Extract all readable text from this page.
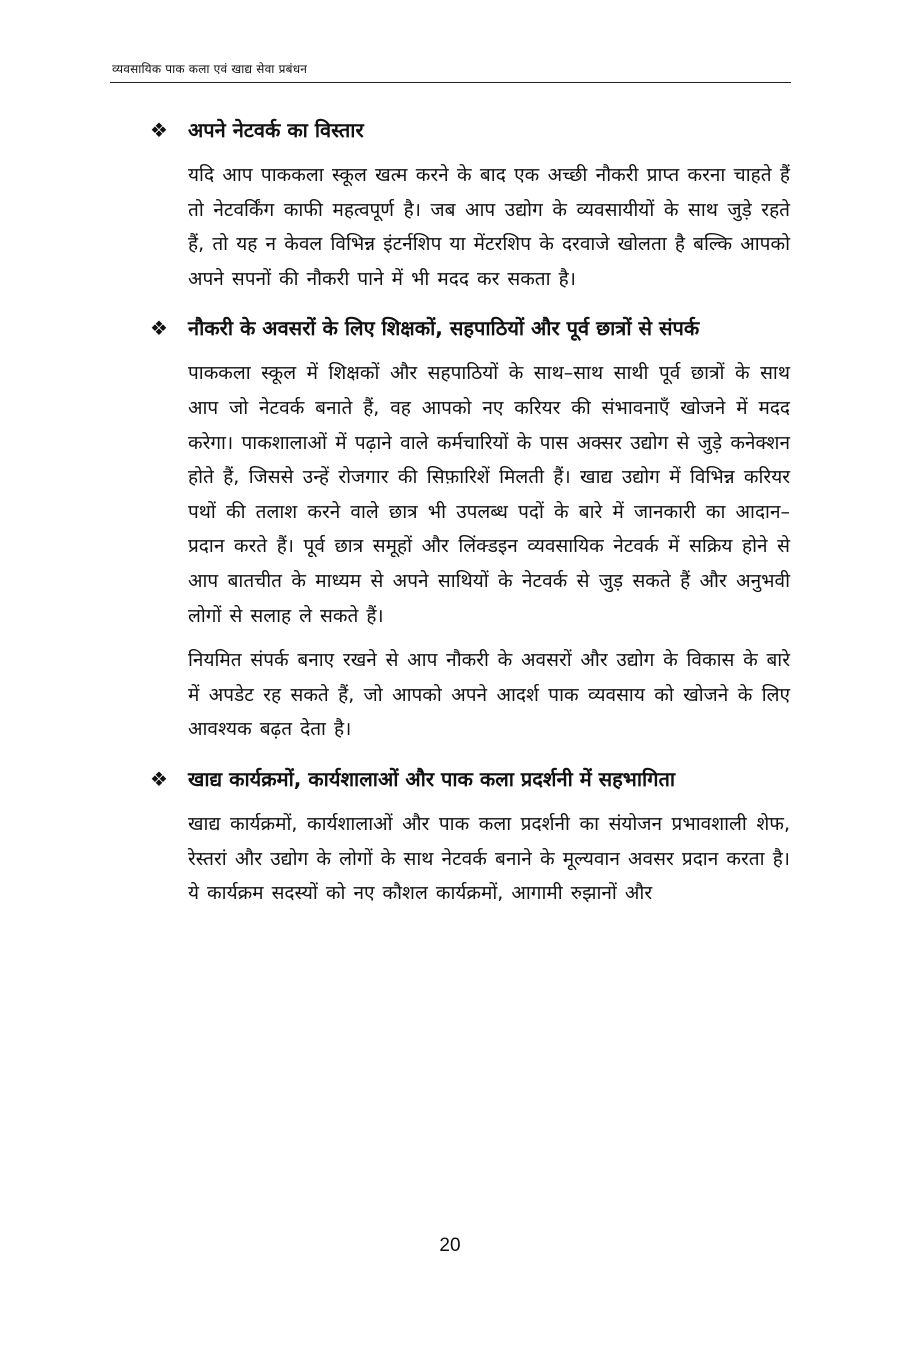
व्यवसायिक पाक कला एवं खाद्य सेवा प्रबंधन
❖	अपने नेटवर्क का विस्तार

यदि आप पाककला स्कूल खत्म करने के बाद एक अच्छी नौकरी प्राप्त करना चाहते हैं तो नेटवर्किंग काफी महत्वपूर्ण है। जब आप उद्योग के व्यवसायीयों के साथ जुड़े रहते हैं, तो यह न केवल विभिन्न इंटर्नशिप या मेंटरशिप के दरवाजे खोलता है बल्कि आपको अपने सपनों की नौकरी पाने में भी मदद कर सकता है।

❖	नौकरी के अवसरों के लिए शिक्षकों, सहपाठियों और पूर्व छात्रों से संपर्क

पाककला स्कूल में शिक्षकों और सहपाठियों के साथ–साथ साथी पूर्व छात्रों के साथ आप जो नेटवर्क बनाते हैं, वह आपको नए करियर की संभावनाएँ खोजने में मदद करेगा। पाकशालाओं में पढ़ाने वाले कर्मचारियों के पास अक्सर उद्योग से जुड़े कनेक्शन होते हैं, जिससे उन्हें रोजगार की सिफ़ारिशें मिलती हैं। खाद्य उद्योग में विभिन्न करियर पथों की तलाश करने वाले छात्र भी उपलब्ध पदों के बारे में जानकारी का आदान–प्रदान करते हैं। पूर्व छात्र समूहों और लिंक्डइन व्यवसायिक नेटवर्क में सक्रिय होने से आप बातचीत के माध्यम से अपने साथियों के नेटवर्क से जुड़ सकते हैं और अनुभवी लोगों से सलाह ले सकते हैं।

नियमित संपर्क बनाए रखने से आप नौकरी के अवसरों और उद्योग के विकास के बारे में अपडेट रह सकते हैं, जो आपको अपने आदर्श पाक व्यवसाय को खोजने के लिए आवश्यक बढ़त देता है।

❖	खाद्य कार्यक्रमों, कार्यशालाओं और पाक कला प्रदर्शनी में सहभागिता

खाद्य कार्यक्रमों, कार्यशालाओं और पाक कला प्रदर्शनी का संयोजन प्रभावशाली शेफ, रेस्तरां और उद्योग के लोगों के साथ नेटवर्क बनाने के मूल्यवान अवसर प्रदान करता है। ये कार्यक्रम सदस्यों को नए कौशल कार्यक्रमों, आगामी रुझानों और

20
